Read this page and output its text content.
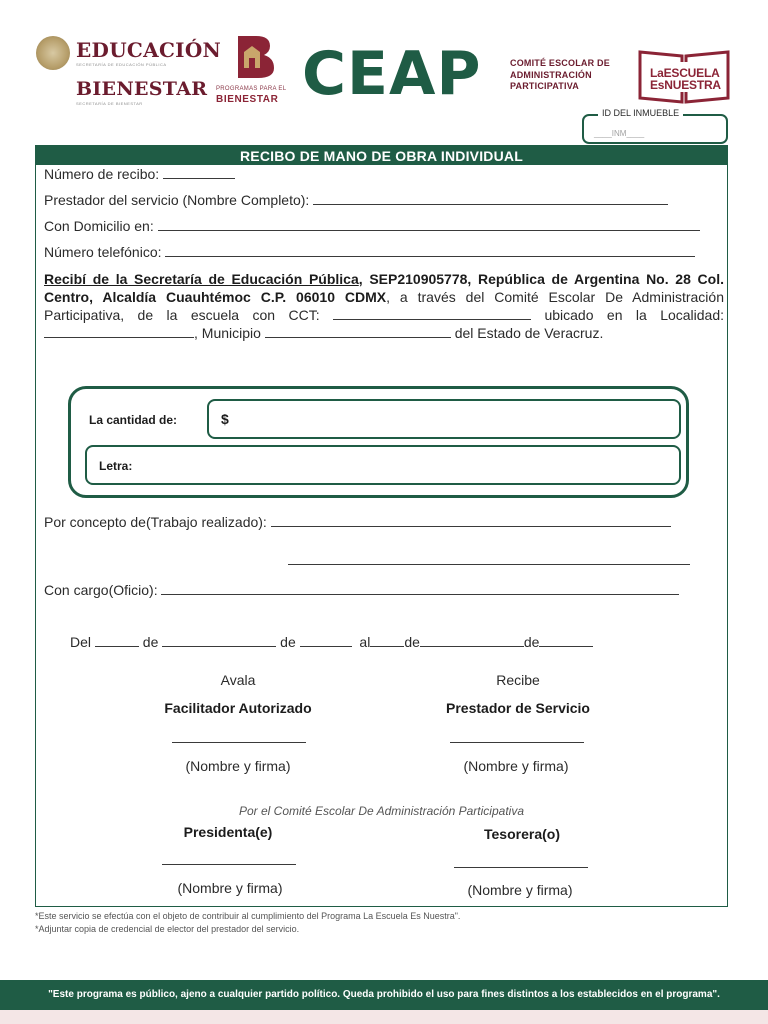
EDUCACIÓN
SECRETARÍA DE EDUCACIÓN PÚBLICA
BIENESTAR
SECRETARÍA DE BIENESTAR
PROGRAMAS PARA EL
BIENESTAR CEAP	COMITÉ ESCOLAR DE ADMINISTRACIÓN PARTICIPATIVA
LaESCUELA
EsNUESTRA
ID DEL INMUEBLE
____INM____
RECIBO DE MANO DE OBRA INDIVIDUAL
Número de recibo:
Prestador del servicio (Nombre Completo):
Con Domicilio en:
Número telefónico:
Recibí de la Secretaría de Educación Pública, SEP210905778, República de Argentina No. 28 Col. Centro, Alcaldía Cuauhtémoc C.P. 06010 CDMX, a través del Comité Escolar De Administración Participativa, de la escuela con CCT:	ubicado en la Localidad: , Municipio	del Estado de Veracruz.
La cantidad de:	$
Letra:
Por concepto de(Trabajo realizado):
Con cargo(Oficio):
Del	de	de	al de	de
Avala	Recibe
Facilitador Autorizado	Prestador de Servicio
(Nombre y firma)	(Nombre y firma)
Por el Comité Escolar De Administración Participativa
Presidenta(e)	Tesorera(o)
(Nombre y firma)	(Nombre y firma)
*Este servicio se efectúa con el objeto de contribuir al cumplimiento del Programa La Escuela Es Nuestra".
*Adjuntar copia de credencial de elector del prestador del servicio.
"Este programa es público, ajeno a cualquier partido político. Queda prohibido el uso para fines distintos a los establecidos en el programa".
